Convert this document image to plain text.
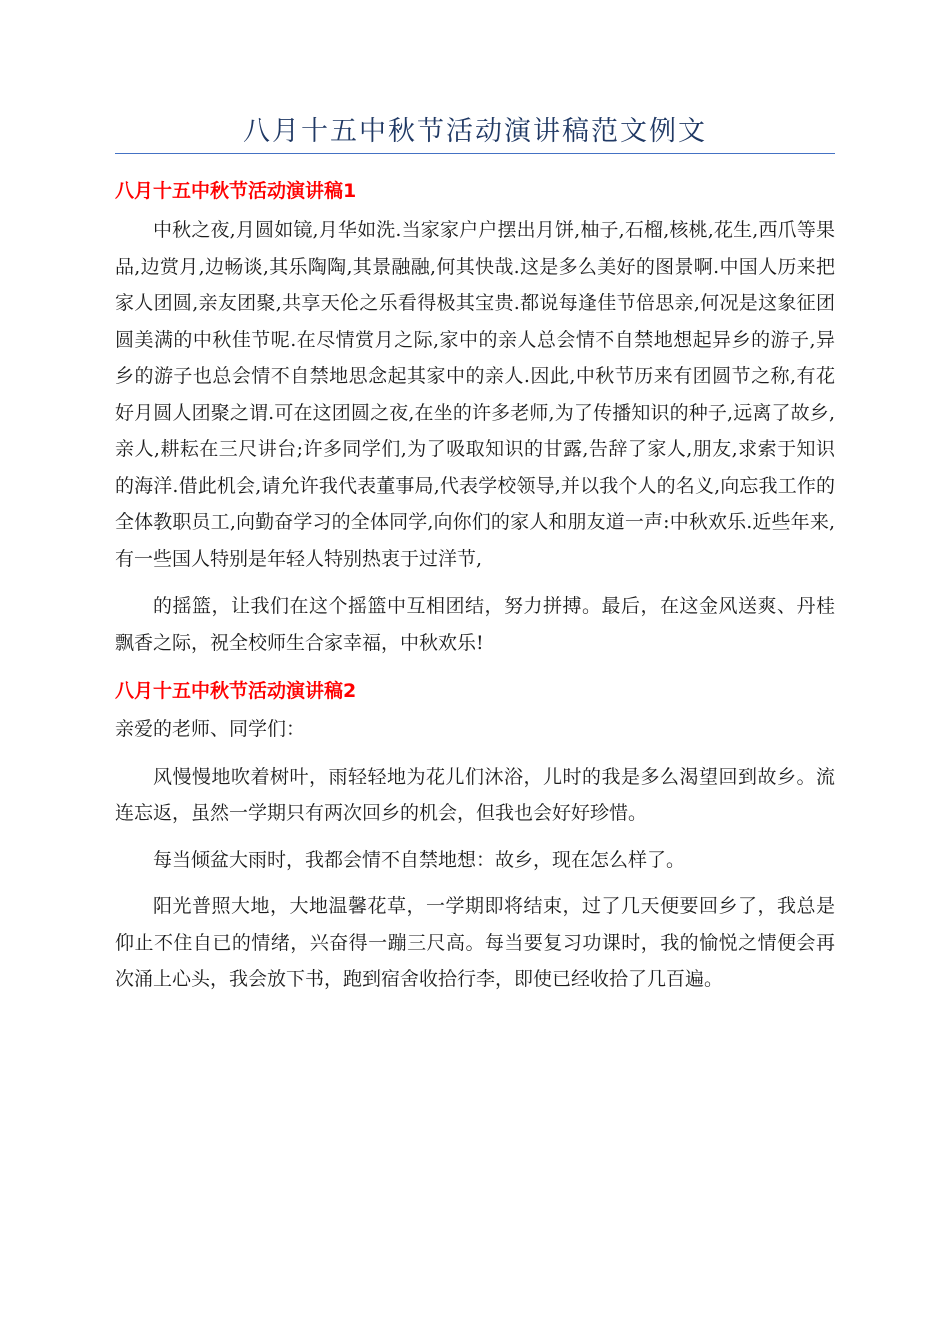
八月十五中秋节活动演讲稿范文例文
八月十五中秋节活动演讲稿1

中秋之夜,月圆如镜,月华如洗.当家家户户摆出月饼,柚子,石榴,核桃,花生,西爪等果品,边赏月,边畅谈,其乐陶陶,其景融融,何其快哉.这是多么美好的图景啊.中国人历来把家人团圆,亲友团聚,共享天伦之乐看得极其宝贵.都说每逢佳节倍思亲,何况是这象征团圆美满的中秋佳节呢.在尽情赏月之际,家中的亲人总会情不自禁地想起异乡的游子,异乡的游子也总会情不自禁地思念起其家中的亲人.因此,中秋节历来有团圆节之称,有花好月圆人团聚之谓.可在这团圆之夜,在坐的许多老师,为了传播知识的种子,远离了故乡,亲人,耕耘在三尺讲台;许多同学们,为了吸取知识的甘露,告辞了家人,朋友,求索于知识的海洋.借此机会,请允许我代表董事局,代表学校领导,并以我个人的名义,向忘我工作的全体教职员工,向勤奋学习的全体同学,向你们的家人和朋友道一声:中秋欢乐.近些年来,有一些国人特别是年轻人特别热衷于过洋节,

的摇篮，让我们在这个摇篮中互相团结，努力拼搏。最后，在这金风送爽、丹桂飘香之际，祝全校师生合家幸福，中秋欢乐!

八月十五中秋节活动演讲稿2

亲爱的老师、同学们：

风慢慢地吹着树叶，雨轻轻地为花儿们沐浴，儿时的我是多么渴望回到故乡。流连忘返，虽然一学期只有两次回乡的机会，但我也会好好珍惜。

每当倾盆大雨时，我都会情不自禁地想：故乡，现在怎么样了。

阳光普照大地，大地温馨花草，一学期即将结束，过了几天便要回乡了，我总是仰止不住自已的情绪，兴奋得一蹦三尺高。每当要复习功课时，我的愉悦之情便会再次涌上心头，我会放下书，跑到宿舍收拾行李，即使已经收拾了几百遍。
